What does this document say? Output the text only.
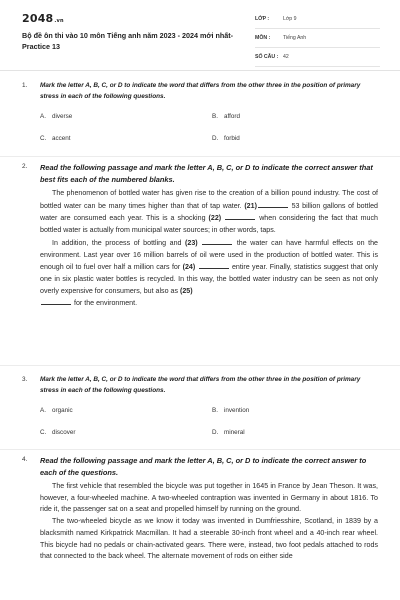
2048.vn
Bộ đề ôn thi vào 10 môn Tiếng anh năm 2023 - 2024 mới nhất- Practice 13
LỚP :	Lớp 9
MÔN : Tiếng Anh
SỐ CÂU : 42
1. Mark the letter A, B, C, or D to indicate the word that differs from the other three in the position of primary stress in each of the following questions.
A. diverse	B. afford
C. accent	D. forbid
2. Read the following passage and mark the letter A, B, C, or D to indicate the correct answer that best fits each of the numbered blanks.

The phenomenon of bottled water has given rise to the creation of a billion pound industry. The cost of bottled water can be many times higher than that of tap water. (21)	53 billion gallons of bottled water are consumed each year. This is a shocking (22)	when considering the fact that much bottled water is actually from municipal water sources; in other words, taps.

In addition, the process of bottling and (23)	the water can have harmful effects on the environment. Last year over 16 million barrels of oil were used in the production of bottled water. This is enough oil to fuel over half a million cars for (24)	entire year. Finally, statistics suggest that only one in six plastic water bottles is recycled. In this way, the bottled water industry can be seen as not only overly expensive for consumers, but also as (25)
for the environment.

3. Mark the letter A, B, C, or D to indicate the word that differs from the other three in the position of primary stress in each of the following questions.
A. organic	B. invention
C. discover	D. mineral
4. Read the following passage and mark the letter A, B, C, or D to indicate the correct answer to each of the questions.

The first vehicle that resembled the bicycle was put together in 1645 in France by Jean Theson. It was, however, a four-wheeled machine. A two-wheeled contraption was invented in Germany in about 1816. To ride it, the passenger sat on a seat and propelled himself by running on the ground.

The two-wheeled bicycle as we know it today was invented in Dumfriesshire, Scotland, in 1839 by a blacksmith named Kirkpatrick Macmillan. It had a steerable 30-inch front wheel and a 40-inch rear wheel. This bicycle had no pedals or chain-activated gears. There were, instead, two foot pedals attached to rods that connected to the back wheel. The alternate movement of rods on either side
